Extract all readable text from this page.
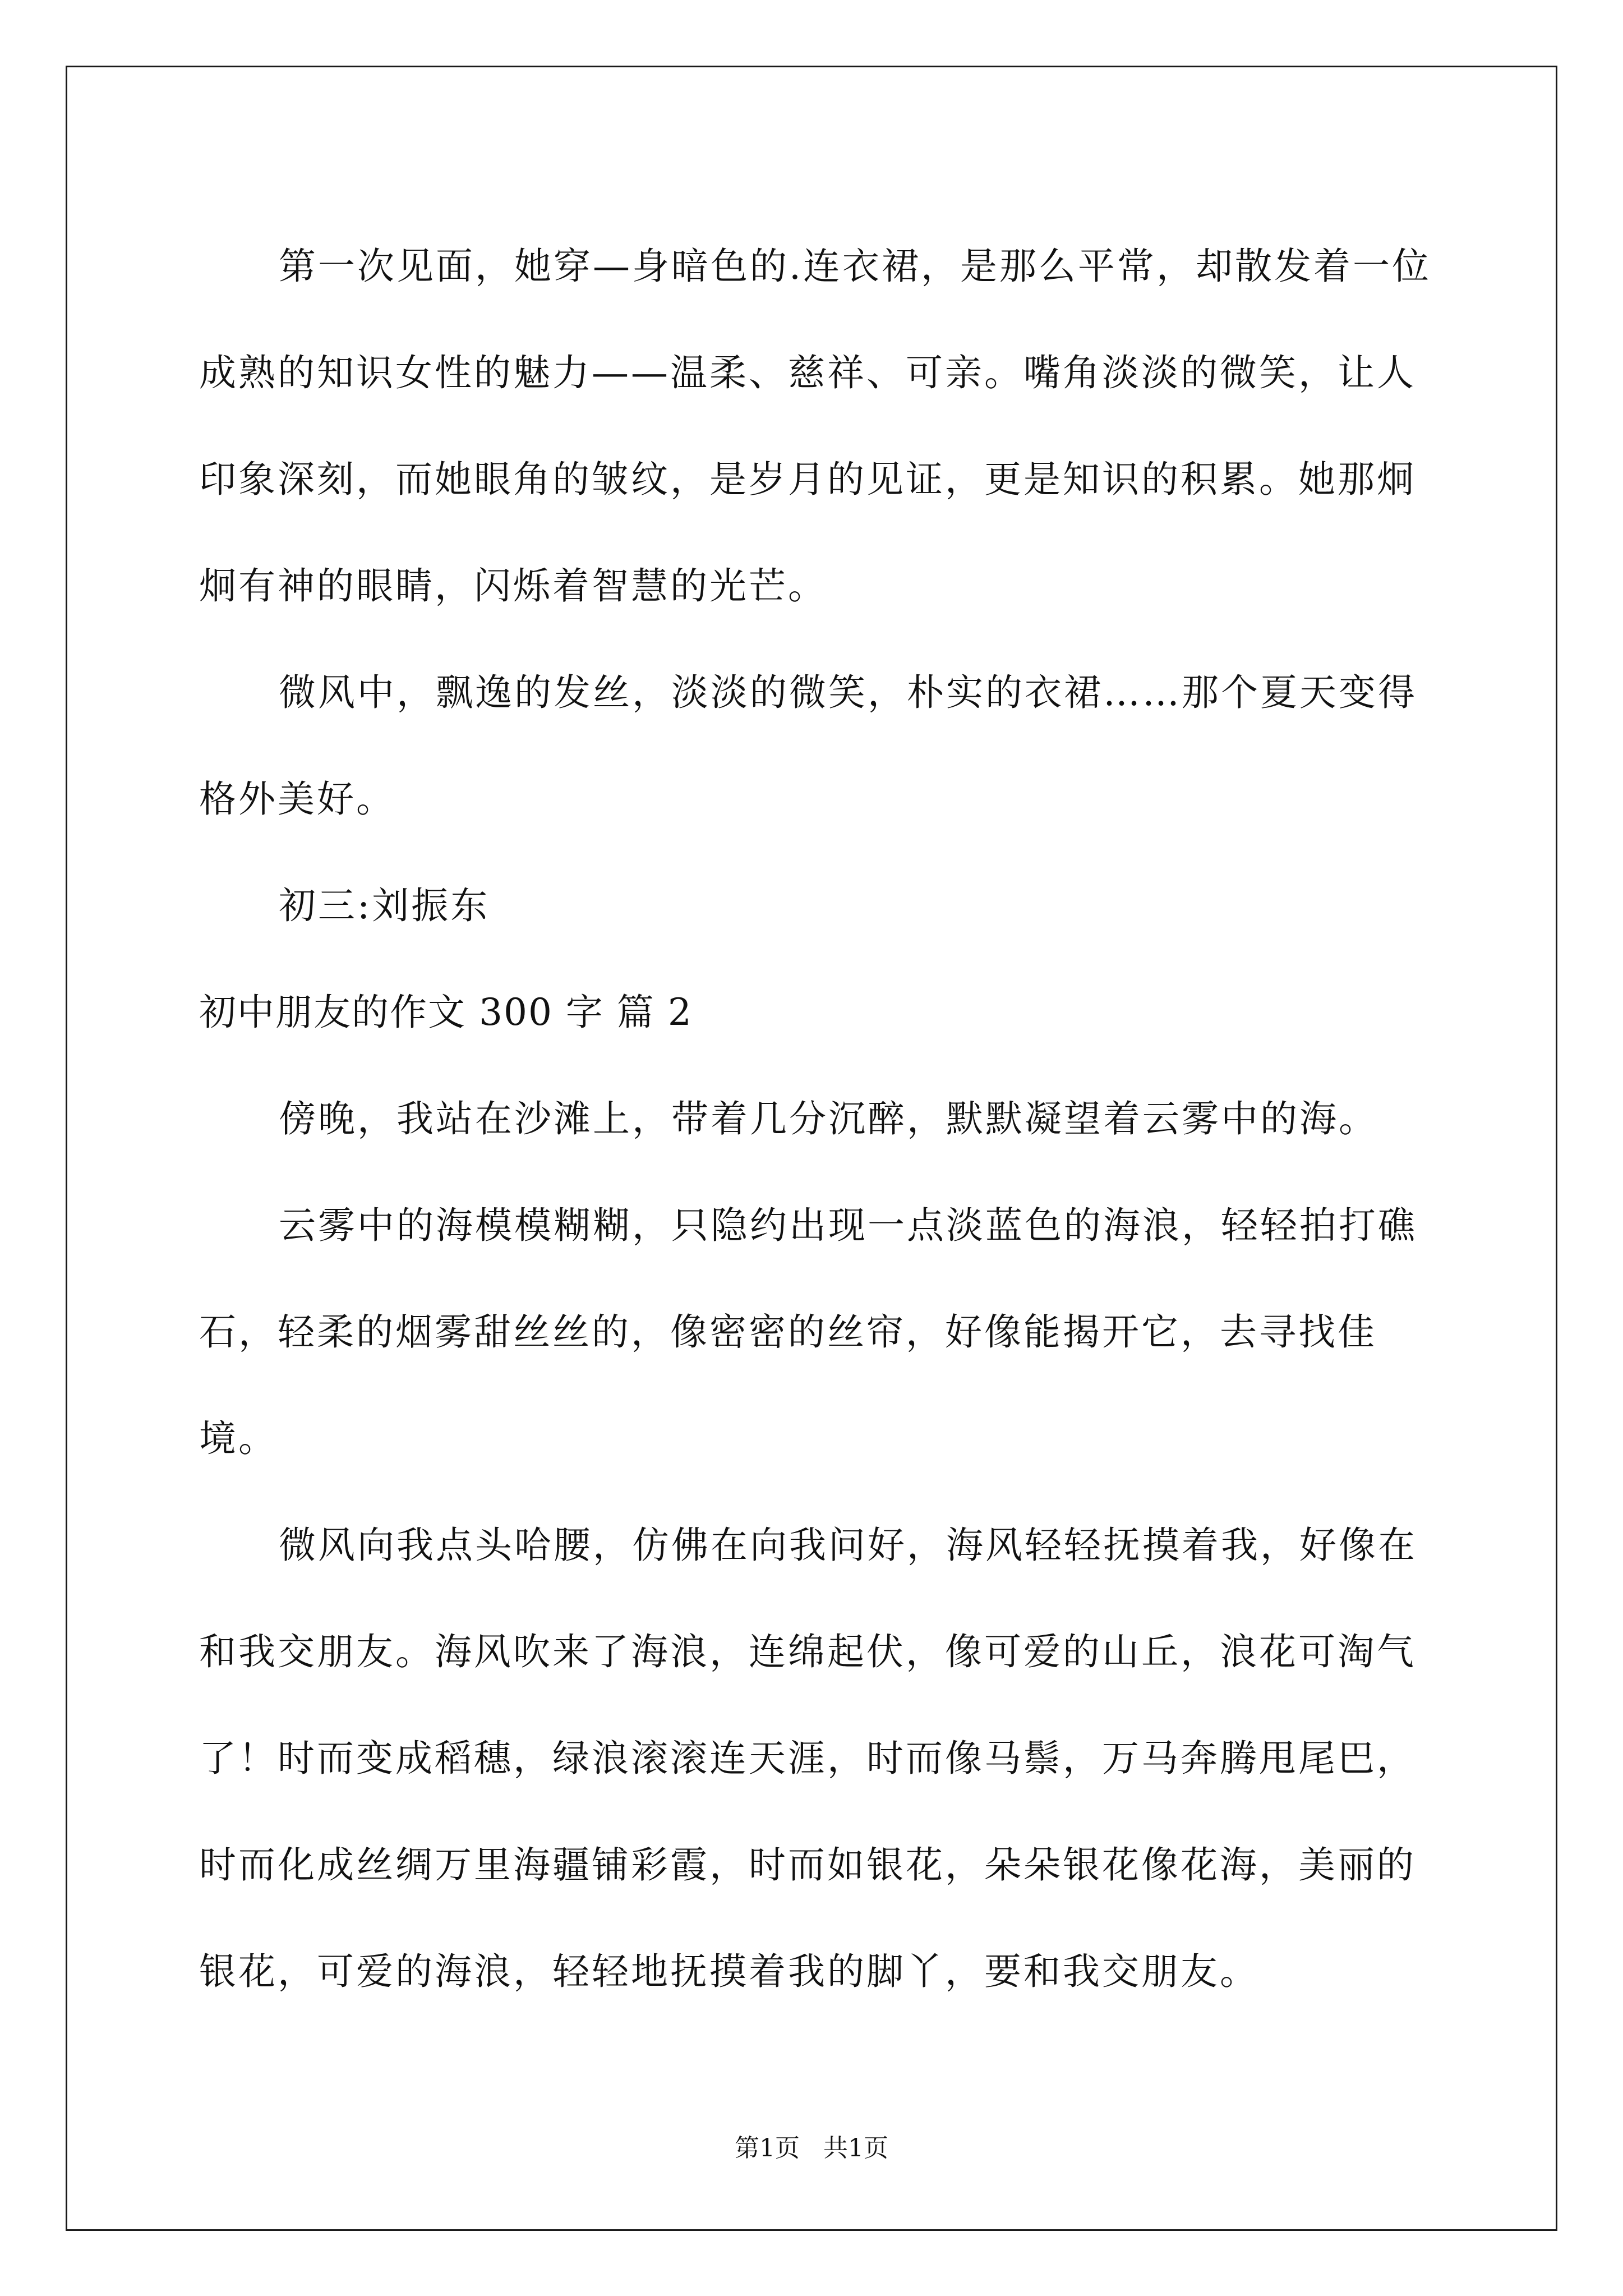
第一次见面，她穿—身暗色的.连衣裙，是那么平常，却散发着一位成熟的知识女性的魅力——温柔、慈祥、可亲。嘴角淡淡的微笑，让人印象深刻，而她眼角的皱纹，是岁月的见证，更是知识的积累。她那炯炯有神的眼睛，闪烁着智慧的光芒。

微风中，飘逸的发丝，淡淡的微笑，朴实的衣裙……那个夏天变得格外美好。

初三:刘振东

初中朋友的作文 300 字 篇 2

傍晚，我站在沙滩上，带着几分沉醉，默默凝望着云雾中的海。

云雾中的海模模糊糊，只隐约出现一点淡蓝色的海浪，轻轻拍打礁石，轻柔的烟雾甜丝丝的，像密密的丝帘，好像能揭开它，去寻找佳境。

微风向我点头哈腰，仿佛在向我问好，海风轻轻抚摸着我，好像在和我交朋友。海风吹来了海浪，连绵起伏，像可爱的山丘，浪花可淘气了！时而变成稻穗，绿浪滚滚连天涯，时而像马鬃，万马奔腾甩尾巴，时而化成丝绸万里海疆铺彩霞，时而如银花，朵朵银花像花海，美丽的银花，可爱的海浪，轻轻地抚摸着我的脚丫，要和我交朋友。

第1页   共1页
